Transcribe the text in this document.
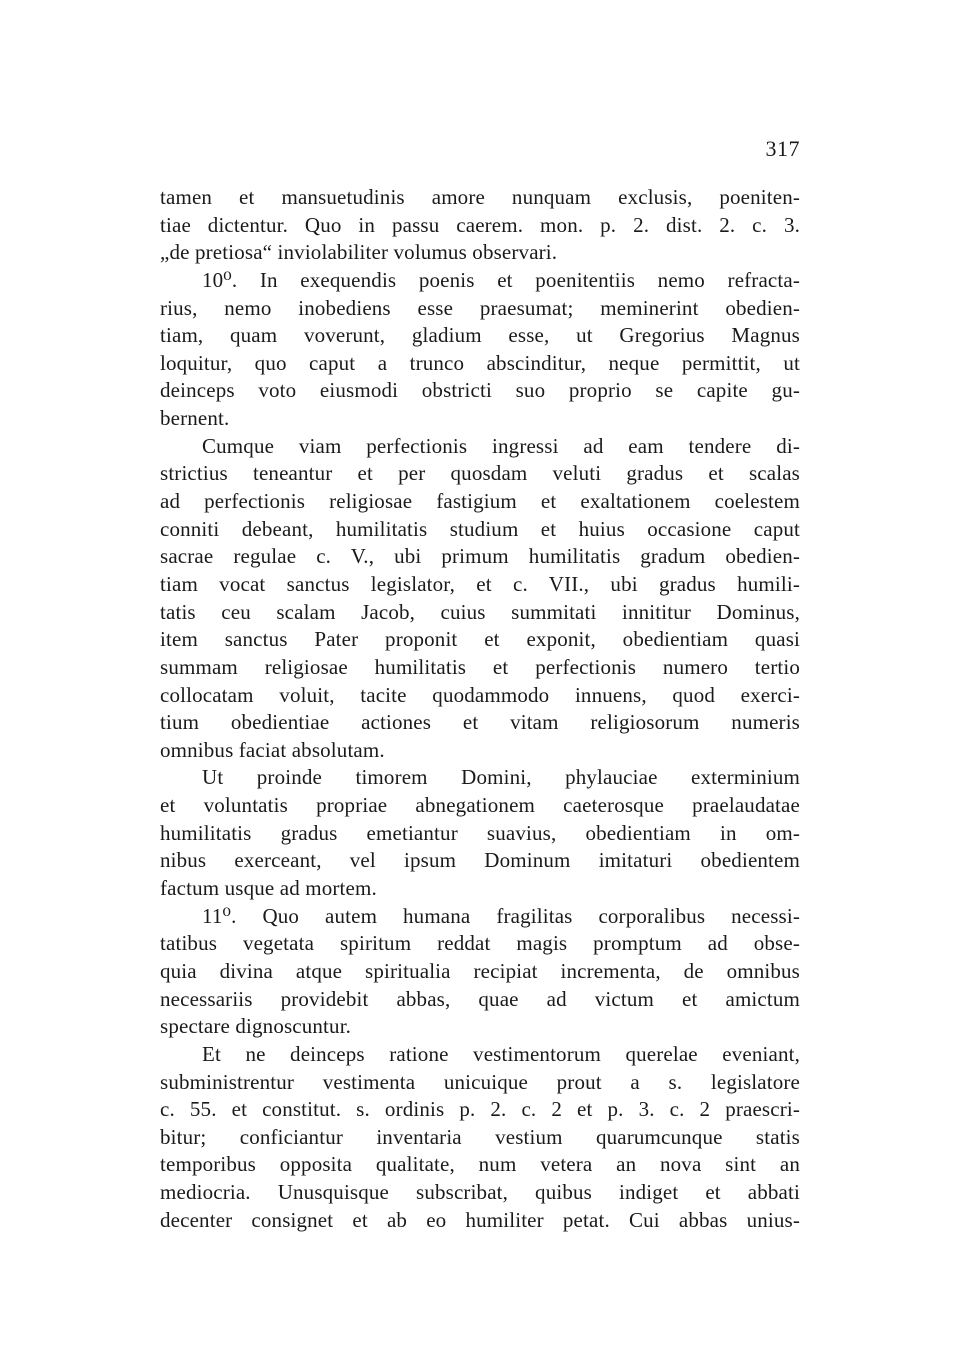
317
tamen et mansuetudinis amore nunquam exclusis, poeniten-
tiae dictentur. Quo in passu caerem. mon. p. 2. dist. 2. c. 3.
„de pretiosa“ inviolabiliter volumus observari.
10⁰. In exequendis poenis et poenitentiis nemo refracta-
rius, nemo inobediens esse praesumat; meminerint obedien-
tiam, quam voverunt, gladium esse, ut Gregorius Magnus
loquitur, quo caput a trunco abscinditur, neque permittit, ut
deinceps voto eiusmodi obstricti suo proprio se capite gu-
bernent.
Cumque viam perfectionis ingressi ad eam tendere di-
strictius teneantur et per quosdam veluti gradus et scalas
ad perfectionis religiosae fastigium et exaltationem coelestem
conniti debeant, humilitatis studium et huius occasione caput
sacrae regulae c. V., ubi primum humilitatis gradum obedien-
tiam vocat sanctus legislator, et c. VII., ubi gradus humili-
tatis ceu scalam Jacob, cuius summitati innititur Dominus,
item sanctus Pater proponit et exponit, obedientiam quasi
summam religiosae humilitatis et perfectionis numero tertio
collocatam voluit, tacite quodammodo innuens, quod exerci-
tium obedientiae actiones et vitam religiosorum numeris
omnibus faciat absolutam.
Ut proinde timorem Domini, phylauciae exterminium
et voluntatis propriae abnegationem caeterosque praelaudatae
humilitatis gradus emetiantur suavius, obedientiam in om-
nibus exerceant, vel ipsum Dominum imitaturi obedientem
factum usque ad mortem.
11⁰. Quo autem humana fragilitas corporalibus necessi-
tatibus vegetata spiritum reddat magis promptum ad obse-
quia divina atque spiritualia recipiat incrementa, de omnibus
necessariis providebit abbas, quae ad victum et amictum
spectare dignoscuntur.
Et ne deinceps ratione vestimentorum querelae eveniant,
subministrentur vestimenta unicuique prout a s. legislatore
c. 55. et constitut. s. ordinis p. 2. c. 2 et p. 3. c. 2 praescri-
bitur; conficiantur inventaria vestium quarumcunque statis
temporibus opposita qualitate, num vetera an nova sint an
mediocria. Unusquisque subscribat, quibus indiget et abbati
decenter consignet et ab eo humiliter petat. Cui abbas unius-
